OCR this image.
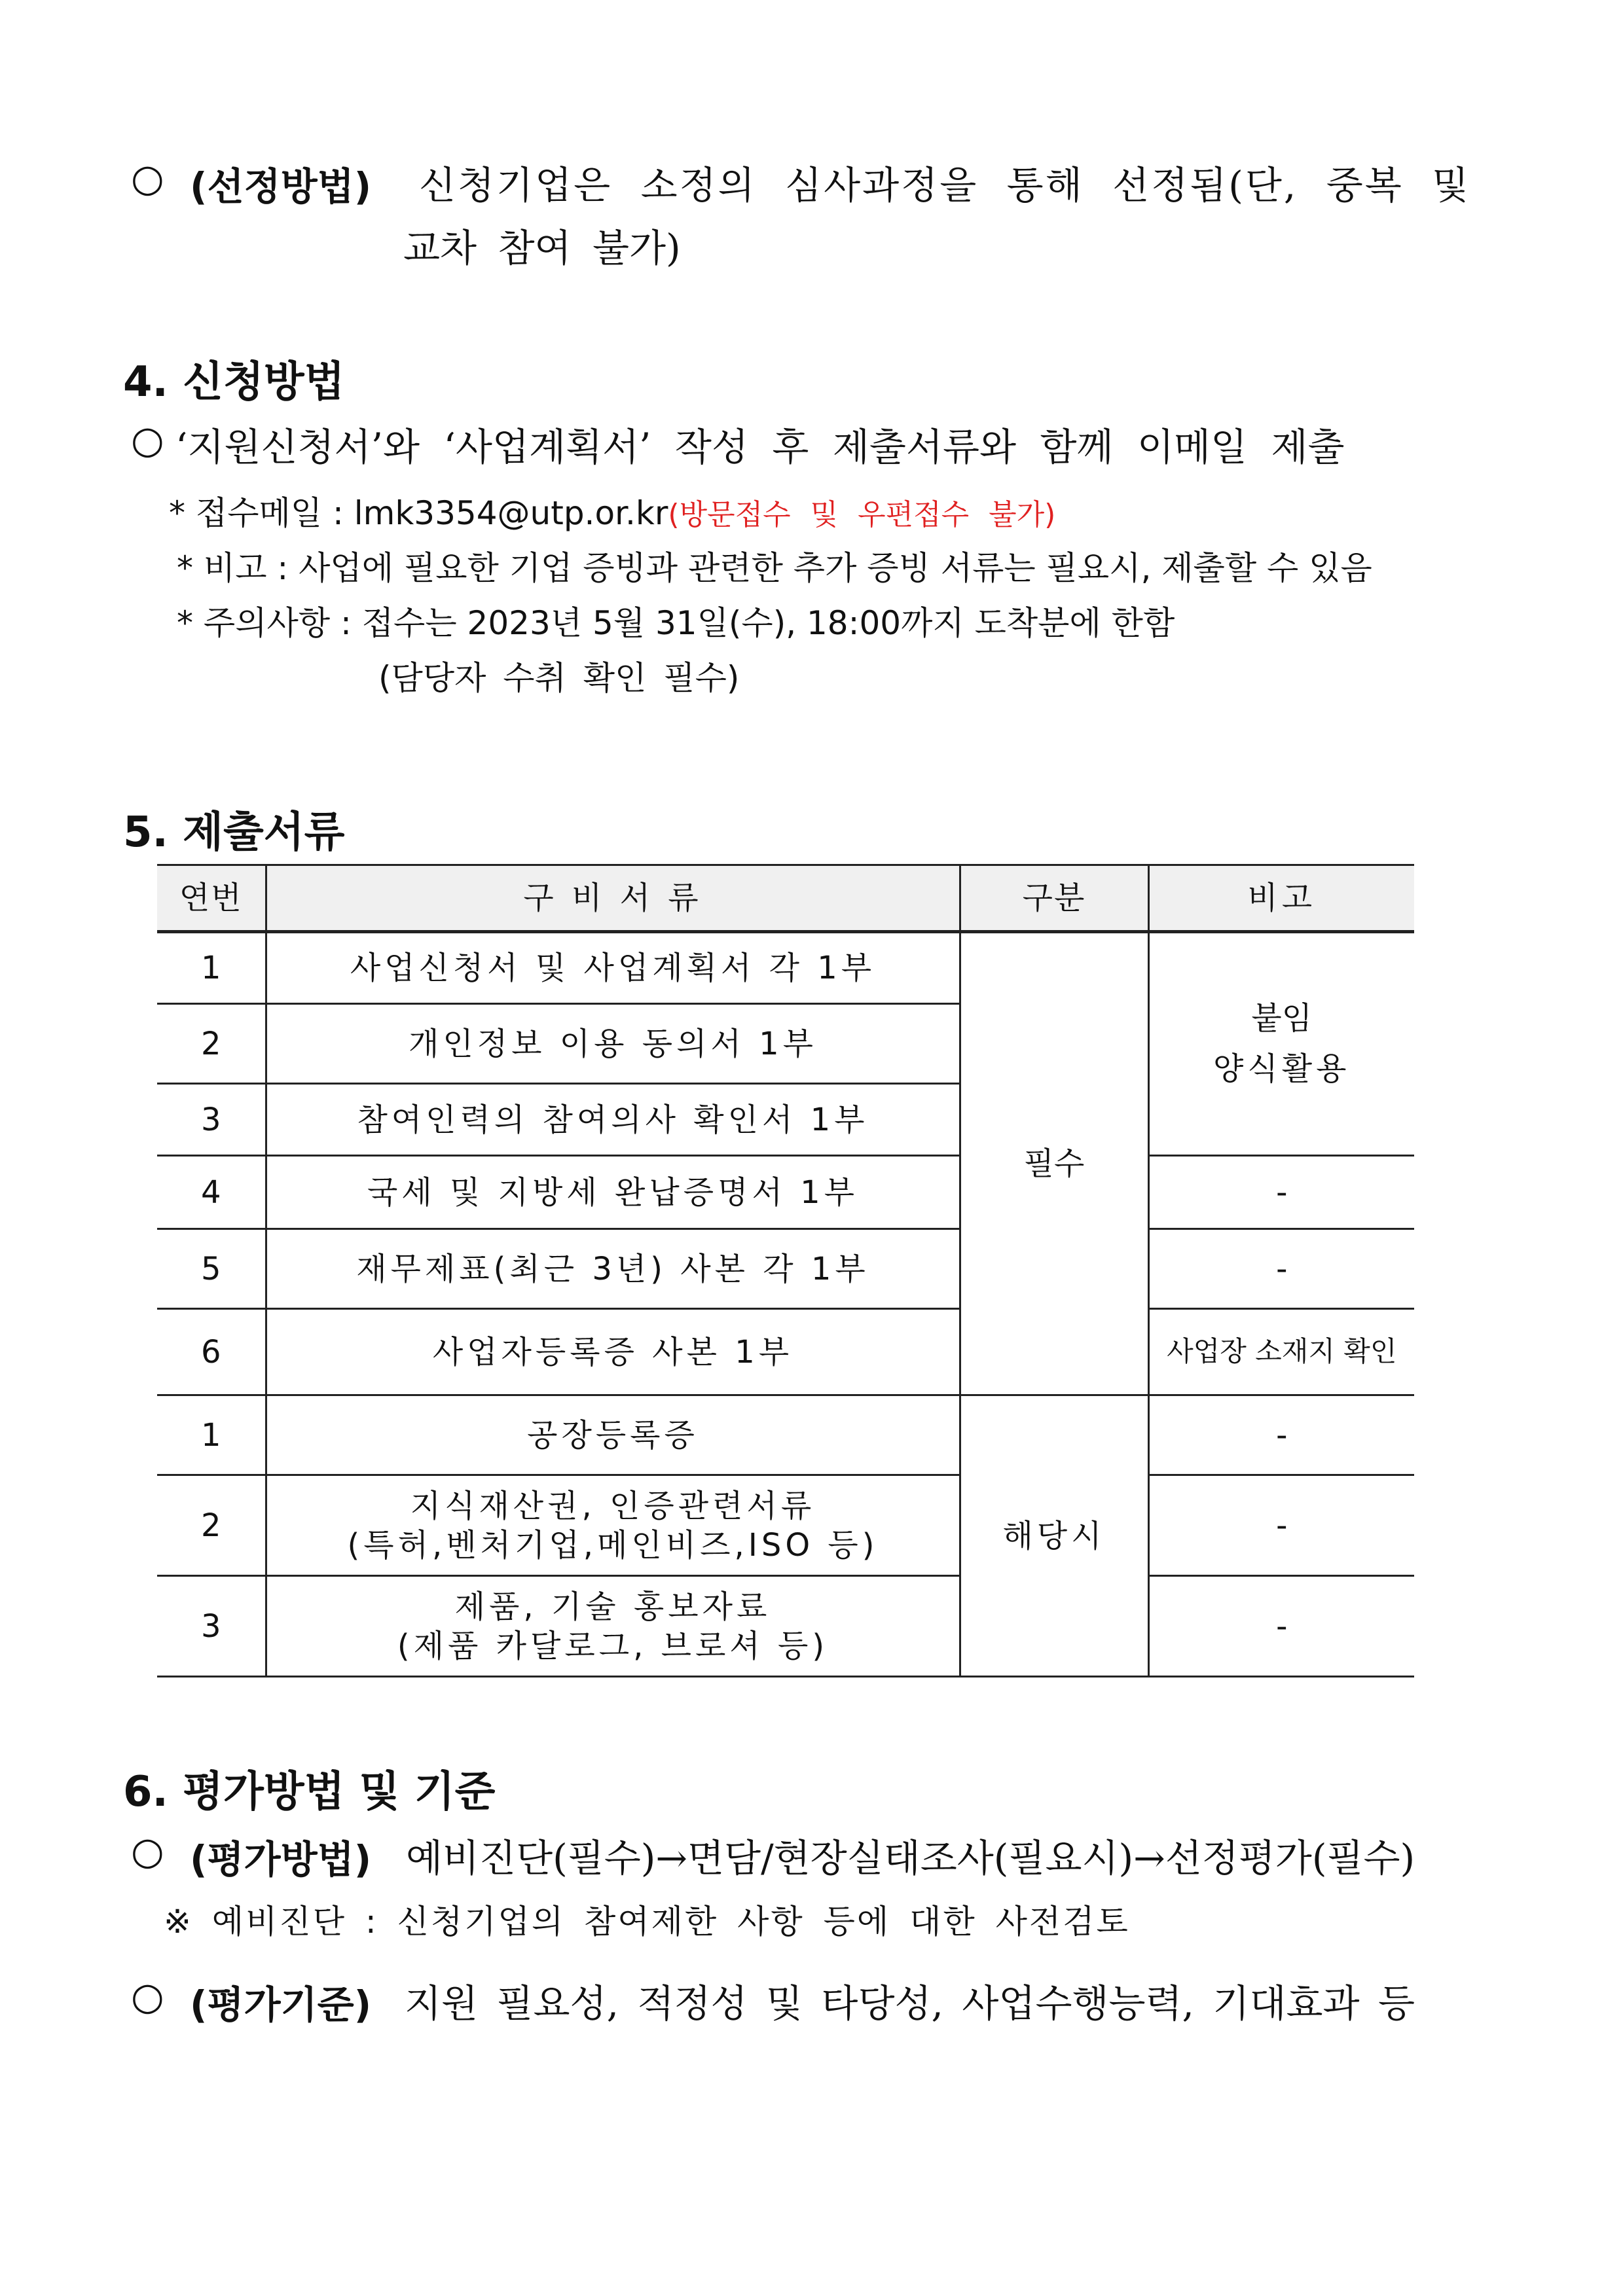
○ (선정방법) 신청기업은 소정의 심사과정을 통해 선정됨(단, 중복 및
교차 참여 불가)
4. 신청방법
○ ‘지원신청서’와 ‘사업계획서’ 작성 후 제출서류와 함께 이메일 제출
* 접수메일 : lmk3354@utp.or.kr(방문접수 및 우편접수 불가)
* 비고 : 사업에 필요한 기업 증빙과 관련한 추가 증빙 서류는 필요시, 제출할 수 있음
* 주의사항 : 접수는 2023년 5월 31일(수), 18:00까지 도착분에 한함
(담당자 수취 확인 필수)
5. 제출서류
연번	구 비 서 류	구분	비고
1	사업신청서 및 사업계획서 각 1부	필수	붙임
양식활용

2	개인정보 이용 동의서 1부		
3	참여인력의 참여의사 확인서 1부		
4	국세 및 지방세 완납증명서 1부		-
5	재무제표(최근 3년) 사본 각 1부		-
6	사업자등록증 사본 1부		사업장 소재지 확인
1	공장등록증	해당시	-
2	지식재산권, 인증관련서류
(특허,벤처기업,메인비즈,ISO 등)		-
3	제품, 기술 홍보자료
(제품 카달로그, 브로셔 등)		-
6. 평가방법 및 기준
○ (평가방법) 예비진단(필수)→면담/현장실태조사(필요시)→선정평가(필수)
※ 예비진단 : 신청기업의 참여제한 사항 등에 대한 사전검토
○ (평가기준) 지원 필요성, 적정성 및 타당성, 사업수행능력, 기대효과 등
